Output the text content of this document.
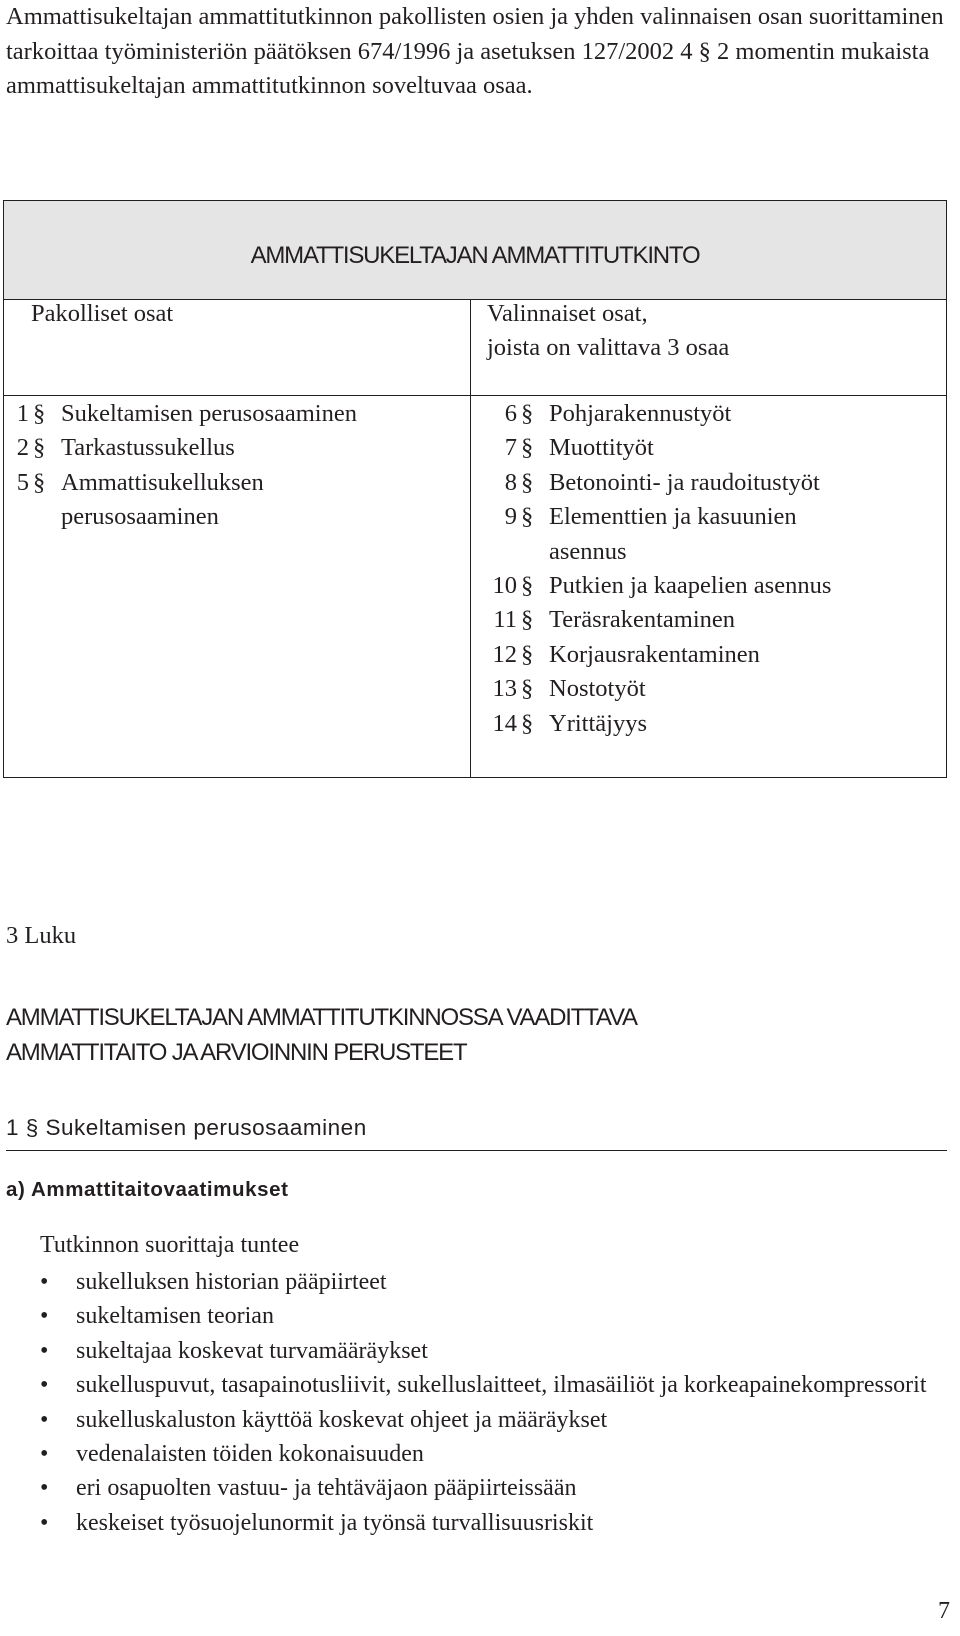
Ammattisukeltajan ammattitutkinnon pakollisten osien ja yhden valinnaisen osan suorittaminen tarkoittaa työministeriön päätöksen 674/1996 ja asetuksen 127/2002 4 § 2 momentin mukaista ammattisukeltajan ammattitutkinnon soveltuvaa osaa.
AMMATTISUKELTAJAN AMMATTITUTKINTO
Pakolliset osat	Valinnaiset osat,
joista on valittava 3 osaa
1 § Sukeltamisen perusosaaminen
2 § Tarkastussukellus
5 § Ammattisukelluksen
perusosaaminen
6 § Pohjarakennustyöt
7 § Muottityöt
8 § Betonointi- ja raudoitustyöt
9 § Elementtien ja kasuunien
asennus
10 § Putkien ja kaapelien asennus
11 § Teräsrakentaminen
12 § Korjausrakentaminen
13 § Nostotyöt
14 § Yrittäjyys
3 Luku
AMMATTISUKELTAJAN AMMATTITUTKINNOSSA VAADITTAVA
AMMATTITAITO JA ARVIOINNIN PERUSTEET
1 § Sukeltamisen perusosaaminen
a) Ammattitaitovaatimukset
Tutkinnon suorittaja tuntee
• sukelluksen historian pääpiirteet
• sukeltamisen teorian
• sukeltajaa koskevat turvamääräykset
• sukelluspuvut, tasapainotusliivit, sukelluslaitteet, ilmasäiliöt ja korkeapainekompressorit
• sukelluskaluston käyttöä koskevat ohjeet ja määräykset
• vedenalaisten töiden kokonaisuuden
• eri osapuolten vastuu- ja tehtäväjaon pääpiirteissään
• keskeiset työsuojelunormit ja työnsä turvallisuusriskit
7
